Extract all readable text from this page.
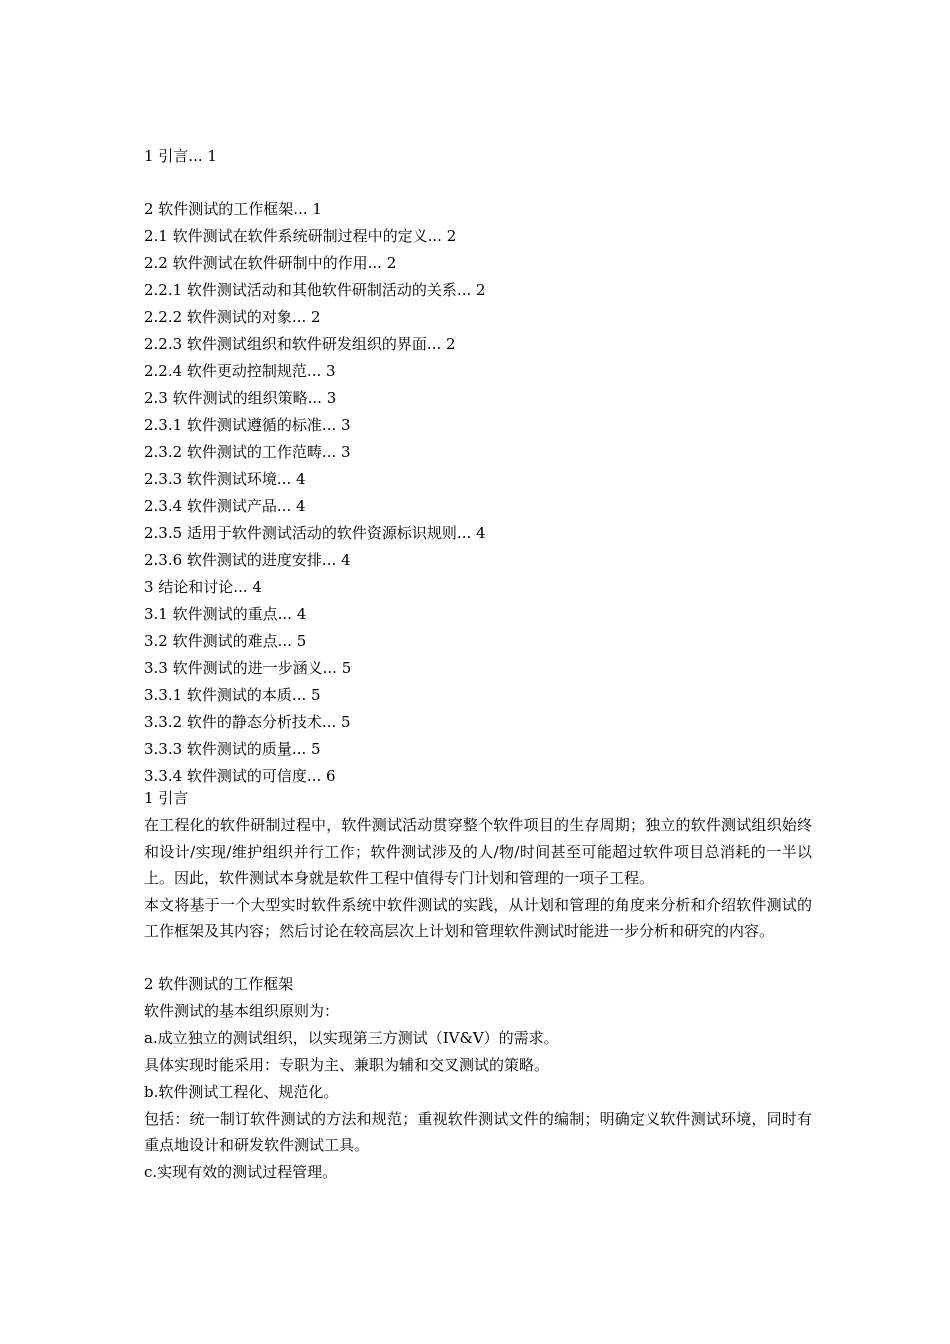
1 引言... 1
2 软件测试的工作框架... 1
2.1 软件测试在软件系统研制过程中的定义... 2
2.2 软件测试在软件研制中的作用... 2
2.2.1 软件测试活动和其他软件研制活动的关系... 2
2.2.2 软件测试的对象... 2
2.2.3 软件测试组织和软件研发组织的界面... 2
2.2.4 软件更动控制规范... 3
2.3 软件测试的组织策略... 3
2.3.1 软件测试遵循的标准... 3
2.3.2 软件测试的工作范畴... 3
2.3.3 软件测试环境... 4
2.3.4 软件测试产品... 4
2.3.5 适用于软件测试活动的软件资源标识规则... 4
2.3.6 软件测试的进度安排... 4
3 结论和讨论... 4
3.1 软件测试的重点... 4
3.2 软件测试的难点... 5
3.3 软件测试的进一步涵义... 5
3.3.1 软件测试的本质... 5
3.3.2 软件的静态分析技术... 5
3.3.3 软件测试的质量... 5
3.3.4 软件测试的可信度... 6
1 引言
在工程化的软件研制过程中，软件测试活动贯穿整个软件项目的生存周期；独立的软件测试组织始终和设计/实现/维护组织并行工作；软件测试涉及的人/物/时间甚至可能超过软件项目总消耗的一半以上。因此，软件测试本身就是软件工程中值得专门计划和管理的一项子工程。
本文将基于一个大型实时软件系统中软件测试的实践，从计划和管理的角度来分析和介绍软件测试的工作框架及其内容；然后讨论在较高层次上计划和管理软件测试时能进一步分析和研究的内容。
2 软件测试的工作框架
软件测试的基本组织原则为：
a.成立独立的测试组织，以实现第三方测试（IV&V）的需求。
具体实现时能采用：专职为主、兼职为辅和交叉测试的策略。
b.软件测试工程化、规范化。
包括：统一制订软件测试的方法和规范；重视软件测试文件的编制；明确定义软件测试环境，同时有重点地设计和研发软件测试工具。
c.实现有效的测试过程管理。
